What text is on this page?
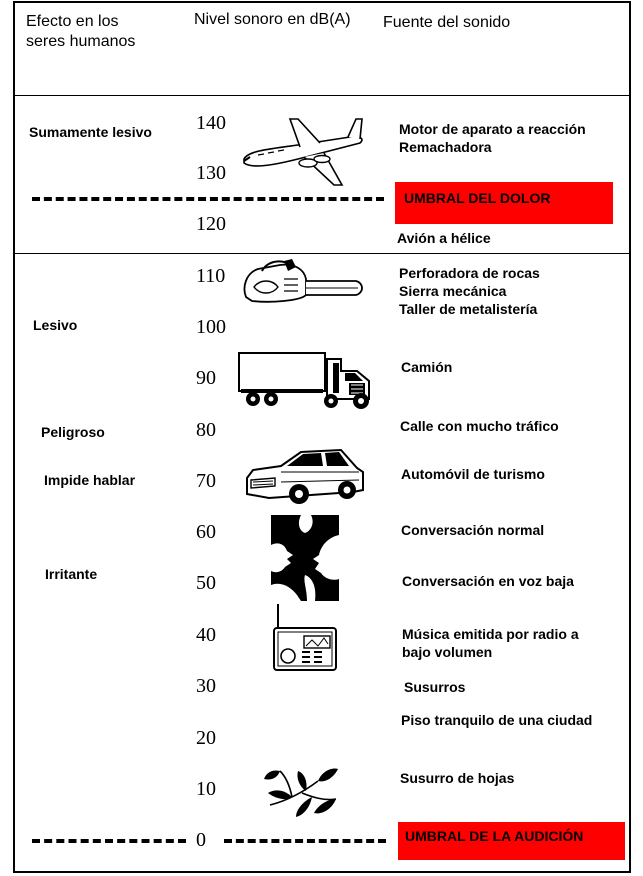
Efecto en los
seres humanos
Nivel sonoro en dB(A) Fuente del sonido
140
130
120
110
100
90
80
70
60
50
40
30
20
10
0
Sumamente lesivo
Lesivo
Peligroso
Impide hablar
Irritante
Motor de aparato a reacción
Remachadora
Avión a hélice
Perforadora de rocas
Sierra mecánica
Taller de metalistería
Camión
Calle con mucho tráfico
Automóvil de turismo
Conversación normal
Conversación en voz baja
Música emitida por radio a
bajo volumen
Susurros
Piso tranquilo de una ciudad
Susurro de hojas
UMBRAL DEL DOLOR
UMBRAL DE LA AUDICIÓN
